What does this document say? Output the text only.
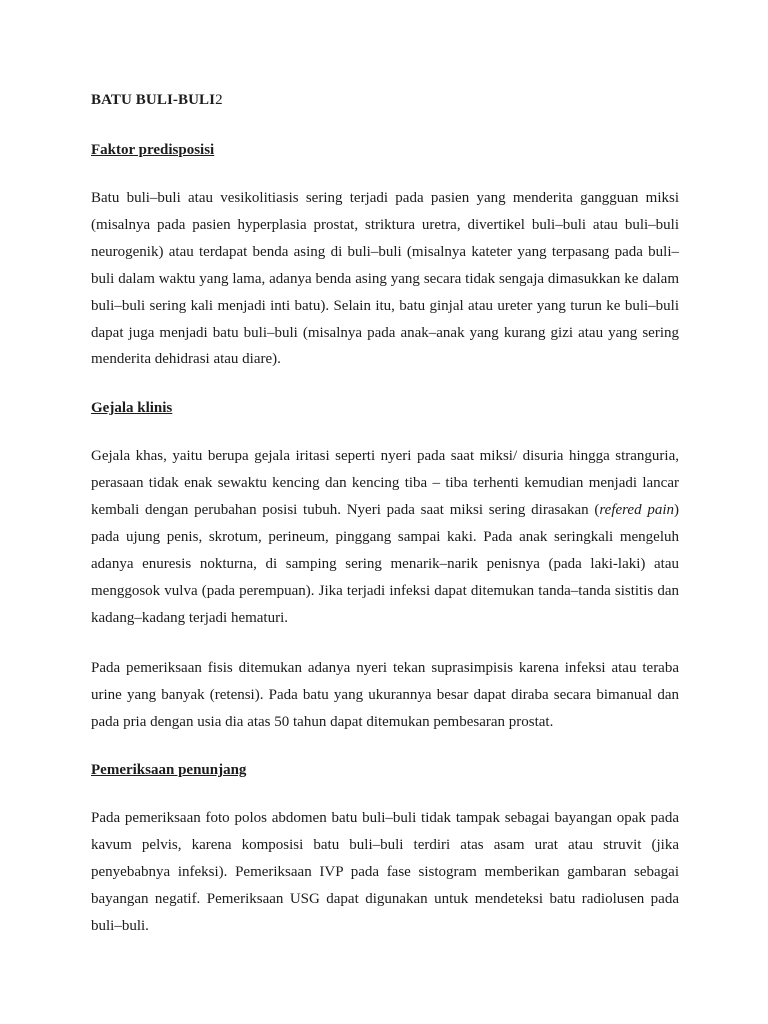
BATU BULI-BULI2
Faktor predisposisi

Batu buli–buli atau vesikolitiasis sering terjadi pada pasien yang menderita gangguan miksi (misalnya pada pasien hyperplasia prostat, striktura uretra, divertikel buli–buli atau buli–buli neurogenik) atau terdapat benda asing di buli–buli (misalnya kateter yang terpasang pada buli–buli dalam waktu yang lama, adanya benda asing yang secara tidak sengaja dimasukkan ke dalam buli–buli sering kali menjadi inti batu). Selain itu, batu ginjal atau ureter yang turun ke buli–buli dapat juga menjadi batu buli–buli (misalnya pada anak–anak yang kurang gizi atau yang sering menderita dehidrasi atau diare).

Gejala klinis

Gejala khas, yaitu berupa gejala iritasi seperti nyeri pada saat miksi/ disuria hingga stranguria, perasaan tidak enak sewaktu kencing dan kencing tiba – tiba terhenti kemudian menjadi lancar kembali dengan perubahan posisi tubuh. Nyeri pada saat miksi sering dirasakan (refered pain) pada ujung penis, skrotum, perineum, pinggang sampai kaki. Pada anak seringkali mengeluh adanya enuresis nokturna, di samping sering menarik–narik penisnya (pada laki-laki) atau menggosok vulva (pada perempuan). Jika terjadi infeksi dapat ditemukan tanda–tanda sistitis dan kadang–kadang terjadi hematuri.

Pada pemeriksaan fisis ditemukan adanya nyeri tekan suprasimpisis karena infeksi atau teraba urine yang banyak (retensi). Pada batu yang ukurannya besar dapat diraba secara bimanual dan pada pria dengan usia dia atas 50 tahun dapat ditemukan pembesaran prostat.

Pemeriksaan penunjang

Pada pemeriksaan foto polos abdomen batu buli–buli tidak tampak sebagai bayangan opak pada kavum pelvis, karena komposisi batu buli–buli terdiri atas asam urat atau struvit (jika penyebabnya infeksi). Pemeriksaan IVP pada fase sistogram memberikan gambaran sebagai bayangan negatif. Pemeriksaan USG dapat digunakan untuk mendeteksi batu radiolusen pada buli–buli.
